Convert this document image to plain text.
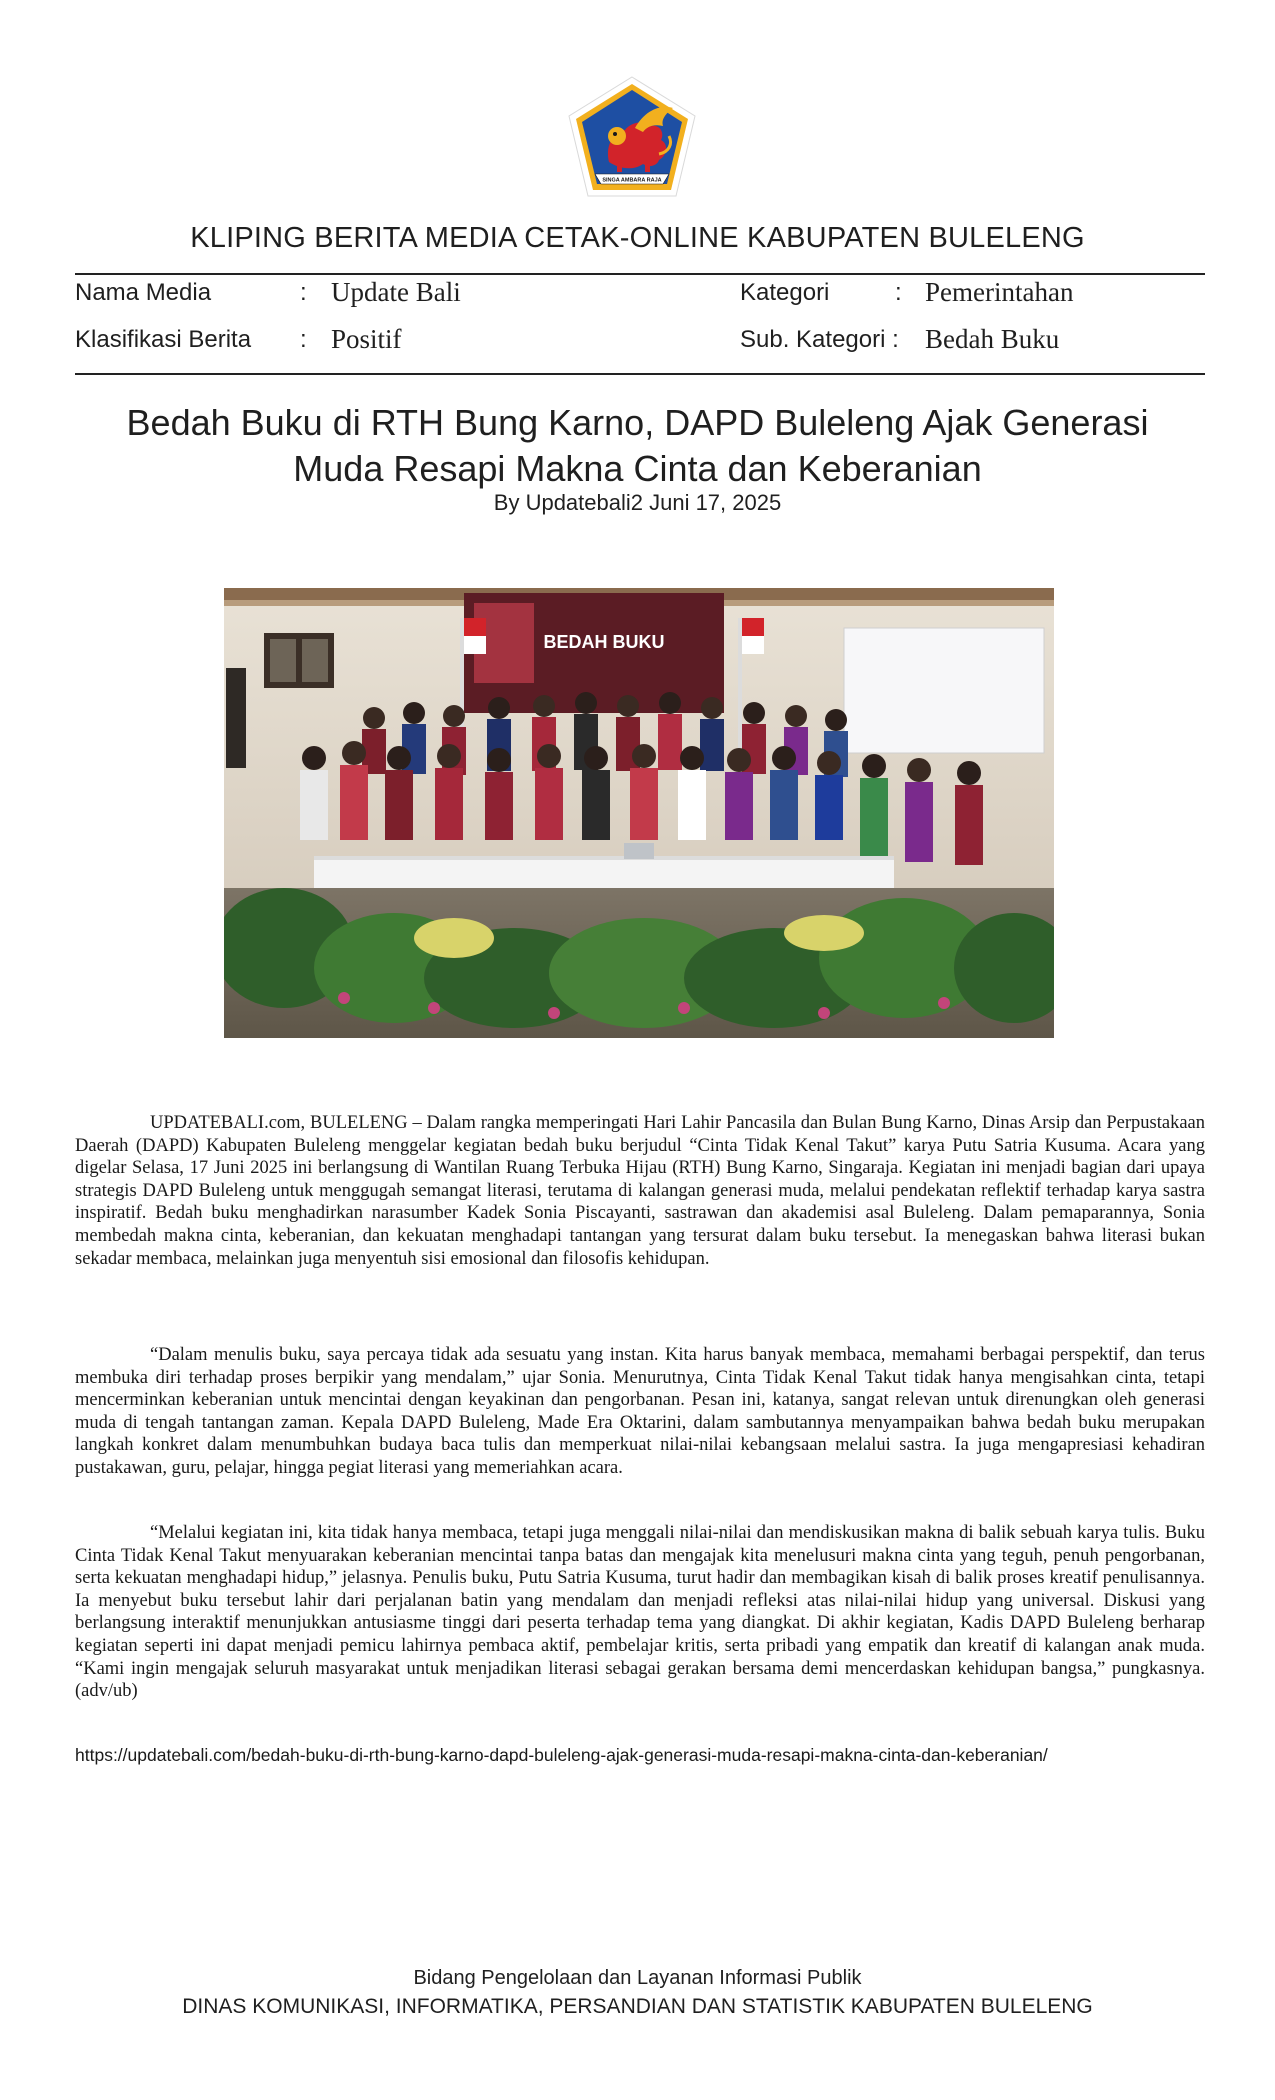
SINGA AMBARA RAJA
KLIPING BERITA MEDIA CETAK-ONLINE KABUPATEN BULELENG
Nama Media	: Update Bali
Klasifikasi Berita : Positif
Kategori	: Pemerintahan
Sub. Kategori : Bedah Buku
Bedah Buku di RTH Bung Karno, DAPD Buleleng Ajak Generasi Muda Resapi Makna Cinta dan Keberanian
By Updatebali2 Juni 17, 2025
BEDAH BUKU

UPDATEBALI.com, BULELENG – Dalam rangka memperingati Hari Lahir Pancasila dan Bulan Bung Karno, Dinas Arsip dan Perpustakaan Daerah (DAPD) Kabupaten Buleleng menggelar kegiatan bedah buku berjudul “Cinta Tidak Kenal Takut” karya Putu Satria Kusuma. Acara yang digelar Selasa, 17 Juni 2025 ini berlangsung di Wantilan Ruang Terbuka Hijau (RTH) Bung Karno, Singaraja. Kegiatan ini menjadi bagian dari upaya strategis DAPD Buleleng untuk menggugah semangat literasi, terutama di kalangan generasi muda, melalui pendekatan reflektif terhadap karya sastra inspiratif. Bedah buku menghadirkan narasumber Kadek Sonia Piscayanti, sastrawan dan akademisi asal Buleleng. Dalam pemaparannya, Sonia membedah makna cinta, keberanian, dan kekuatan menghadapi tantangan yang tersurat dalam buku tersebut. Ia menegaskan bahwa literasi bukan sekadar membaca, melainkan juga menyentuh sisi emosional dan filosofis kehidupan.

“Dalam menulis buku, saya percaya tidak ada sesuatu yang instan. Kita harus banyak membaca, memahami berbagai perspektif, dan terus membuka diri terhadap proses berpikir yang mendalam,” ujar Sonia. Menurutnya, Cinta Tidak Kenal Takut tidak hanya mengisahkan cinta, tetapi mencerminkan keberanian untuk mencintai dengan keyakinan dan pengorbanan. Pesan ini, katanya, sangat relevan untuk direnungkan oleh generasi muda di tengah tantangan zaman. Kepala DAPD Buleleng, Made Era Oktarini, dalam sambutannya menyampaikan bahwa bedah buku merupakan langkah konkret dalam menumbuhkan budaya baca tulis dan memperkuat nilai-nilai kebangsaan melalui sastra. Ia juga mengapresiasi kehadiran pustakawan, guru, pelajar, hingga pegiat literasi yang memeriahkan acara.

“Melalui kegiatan ini, kita tidak hanya membaca, tetapi juga menggali nilai-nilai dan mendiskusikan makna di balik sebuah karya tulis. Buku Cinta Tidak Kenal Takut menyuarakan keberanian mencintai tanpa batas dan mengajak kita menelusuri makna cinta yang teguh, penuh pengorbanan, serta kekuatan menghadapi hidup,” jelasnya. Penulis buku, Putu Satria Kusuma, turut hadir dan membagikan kisah di balik proses kreatif penulisannya. Ia menyebut buku tersebut lahir dari perjalanan batin yang mendalam dan menjadi refleksi atas nilai-nilai hidup yang universal. Diskusi yang berlangsung interaktif menunjukkan antusiasme tinggi dari peserta terhadap tema yang diangkat. Di akhir kegiatan, Kadis DAPD Buleleng berharap kegiatan seperti ini dapat menjadi pemicu lahirnya pembaca aktif, pembelajar kritis, serta pribadi yang empatik dan kreatif di kalangan anak muda. “Kami ingin mengajak seluruh masyarakat untuk menjadikan literasi sebagai gerakan bersama demi mencerdaskan kehidupan bangsa,” pungkasnya.(adv/ub)

https://updatebali.com/bedah-buku-di-rth-bung-karno-dapd-buleleng-ajak-generasi-muda-resapi-makna-cinta-dan-keberanian/
Bidang Pengelolaan dan Layanan Informasi Publik
DINAS KOMUNIKASI, INFORMATIKA, PERSANDIAN DAN STATISTIK KABUPATEN BULELENG
